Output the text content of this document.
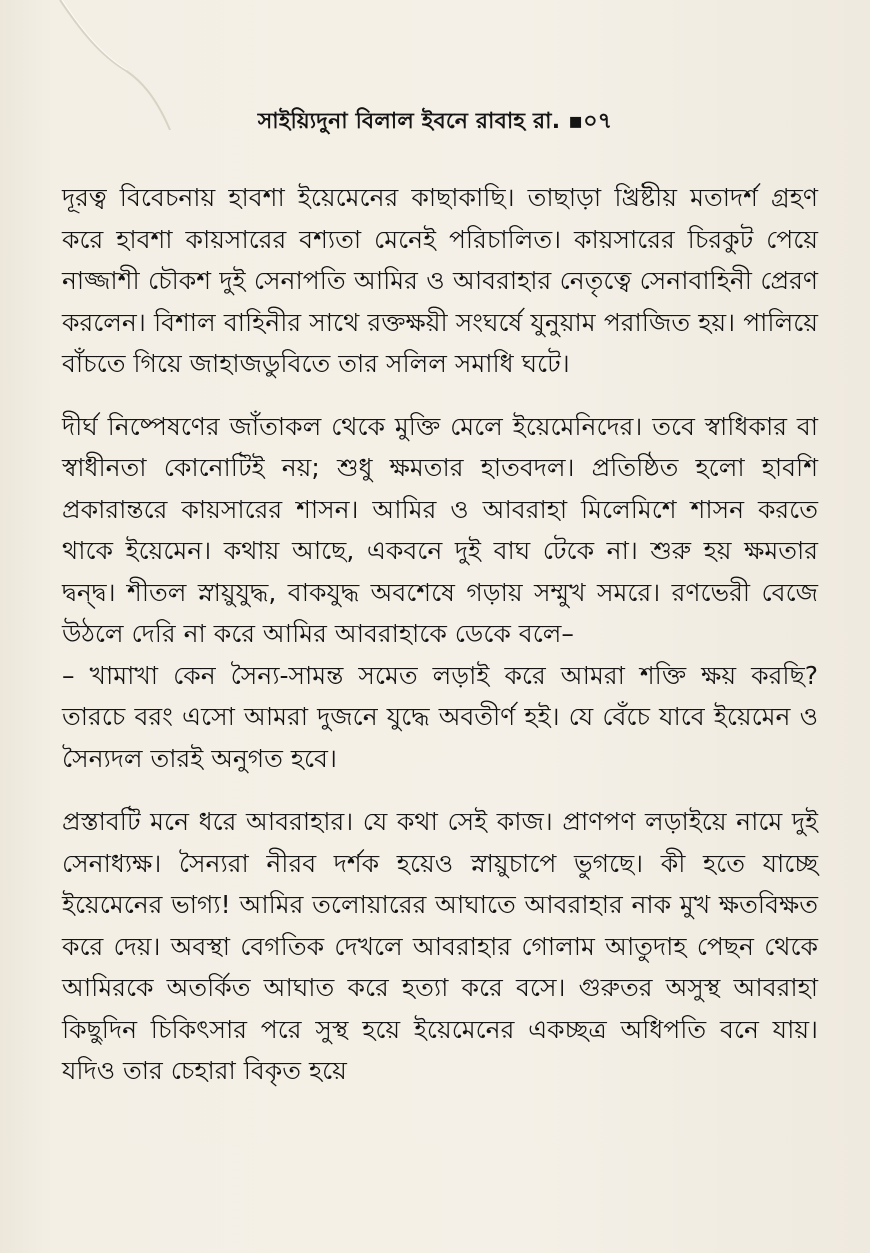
সাইয়্যিদুনা বিলাল ইবনে রাবাহ রা. ▪০৭

দূরত্ব বিবেচনায় হাবশা ইয়েমেনের কাছাকাছি। তাছাড়া খ্রিষ্টীয় মতাদর্শ গ্রহণ করে হাবশা কায়সারের বশ্যতা মেনেই পরিচালিত। কায়সারের চিরকুট পেয়ে নাজ্জাশী চৌকশ দুই সেনাপতি আমির ও আবরাহার নেতৃত্বে সেনাবাহিনী প্রেরণ করলেন। বিশাল বাহিনীর সাথে রক্তক্ষয়ী সংঘর্ষে যুনুয়াম পরাজিত হয়। পালিয়ে বাঁচতে গিয়ে জাহাজডুবিতে তার সলিল সমাধি ঘটে।

দীর্ঘ নিষ্পেষণের জাঁতাকল থেকে মুক্তি মেলে ইয়েমেনিদের। তবে স্বাধিকার বা স্বাধীনতা কোনোটিই নয়; শুধু ক্ষমতার হাতবদল। প্রতিষ্ঠিত হলো হাবশি প্রকারান্তরে কায়সারের শাসন। আমির ও আবরাহা মিলেমিশে শাসন করতে থাকে ইয়েমেন। কথায় আছে, একবনে দুই বাঘ টেকে না। শুরু হয় ক্ষমতার দ্বন্দ্ব। শীতল স্নায়ুযুদ্ধ, বাকযুদ্ধ অবশেষে গড়ায় সম্মুখ সমরে। রণভেরী বেজে উঠলে দেরি না করে আমির আবরাহাকে ডেকে বলে–

– খামাখা কেন সৈন্য-সামন্ত সমেত লড়াই করে আমরা শক্তি ক্ষয় করছি? তারচে বরং এসো আমরা দুজনে যুদ্ধে অবতীর্ণ হই। যে বেঁচে যাবে ইয়েমেন ও সৈন্যদল তারই অনুগত হবে।

প্রস্তাবটি মনে ধরে আবরাহার। যে কথা সেই কাজ। প্রাণপণ লড়াইয়ে নামে দুই সেনাধ্যক্ষ। সৈন্যরা নীরব দর্শক হয়েও স্নায়ুচাপে ভুগছে। কী হতে যাচ্ছে ইয়েমেনের ভাগ্য! আমির তলোয়ারের আঘাতে আবরাহার নাক মুখ ক্ষতবিক্ষত করে দেয়। অবস্থা বেগতিক দেখলে আবরাহার গোলাম আতুদাহ পেছন থেকে আমিরকে অতর্কিত আঘাত করে হত্যা করে বসে। গুরুতর অসুস্থ আবরাহা কিছুদিন চিকিৎসার পরে সুস্থ হয়ে ইয়েমেনের একচ্ছত্র অধিপতি বনে যায়। যদিও তার চেহারা বিকৃত হয়ে
